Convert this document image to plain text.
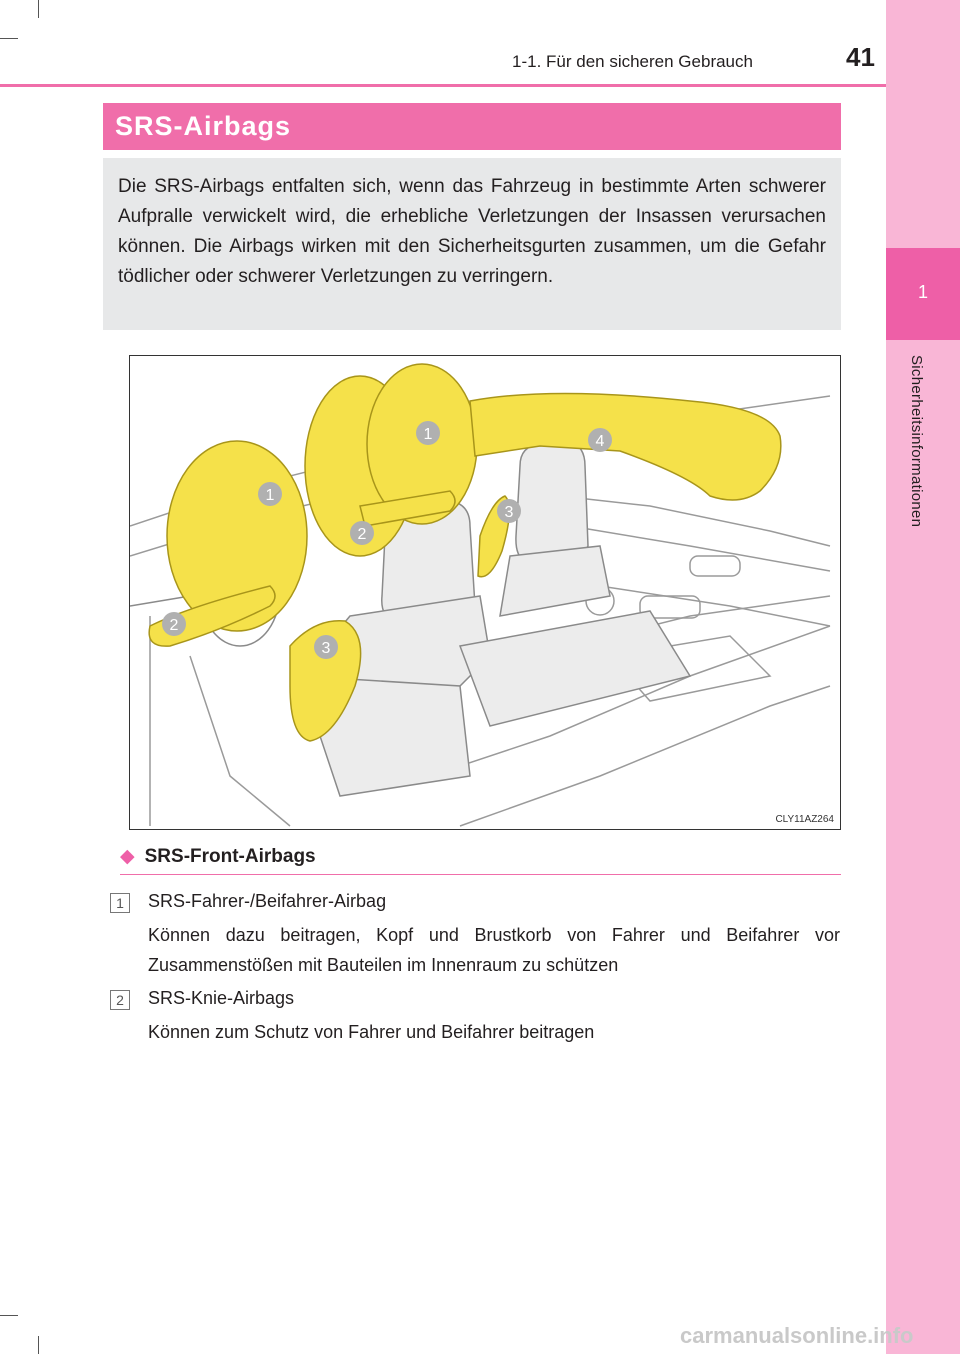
1
Sicherheitsinformationen
1-1. Für den sicheren Gebrauch	41
SRS-Airbags

Die SRS-Airbags entfalten sich, wenn das Fahrzeug in bestimmte Arten schwerer Aufpralle verwickelt wird, die erhebliche Verletzungen der Insassen verursachen können. Die Airbags wirken mit den Sicherheitsgurten zusammen, um die Gefahr tödlicher oder schwerer Verletzungen zu verringern.

1
1
2
2
3
3
4
CLY11AZ264
◆ SRS-Front-Airbags
1	SRS-Fahrer-/Beifahrer-Airbag
Können dazu beitragen, Kopf und Brustkorb von Fahrer und Beifahrer vor Zusammenstößen mit Bauteilen im Innenraum zu schützen
2	SRS-Knie-Airbags
Können zum Schutz von Fahrer und Beifahrer beitragen
carmanualsonline.info
